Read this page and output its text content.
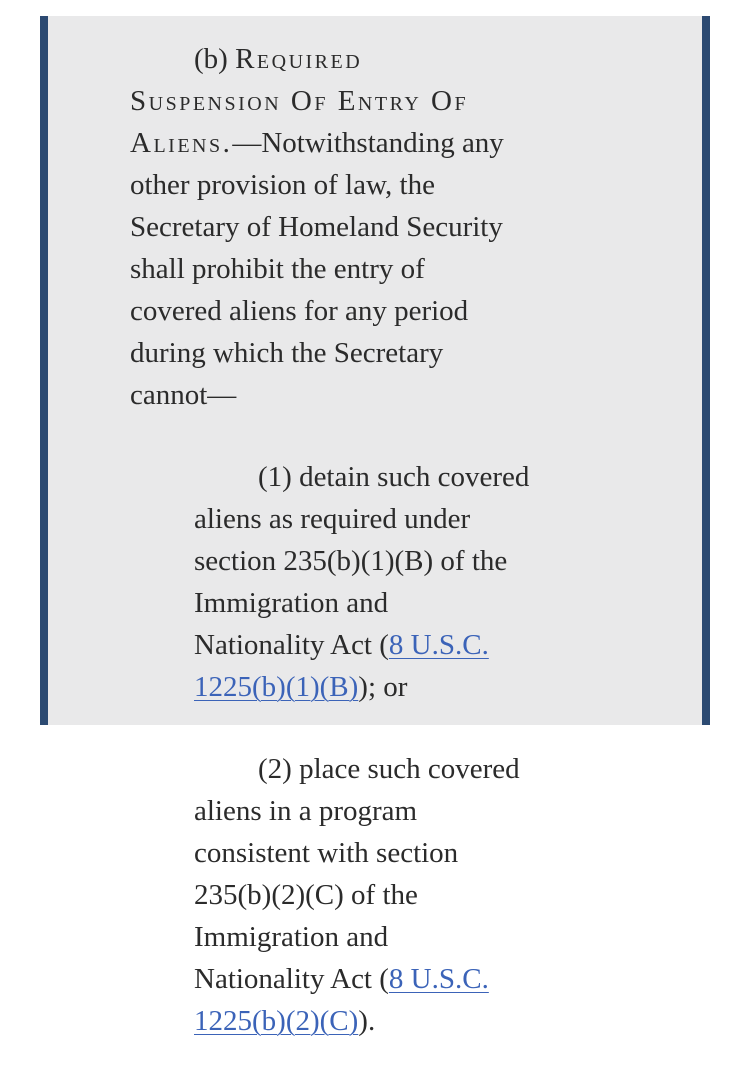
(b) Required

Suspension Of Entry Of

Aliens.—Notwithstanding any

other provision of law, the

Secretary of Homeland Security

shall prohibit the entry of

covered aliens for any period

during which the Secretary

cannot—

(1) detain such covered

aliens as required under

section 235(b)(1)(B) of the

Immigration and

Nationality Act (8 U.S.C.

1225(b)(1)(B)); or

(2) place such covered

aliens in a program

consistent with section

235(b)(2)(C) of the

Immigration and

Nationality Act (8 U.S.C.

1225(b)(2)(C)).
